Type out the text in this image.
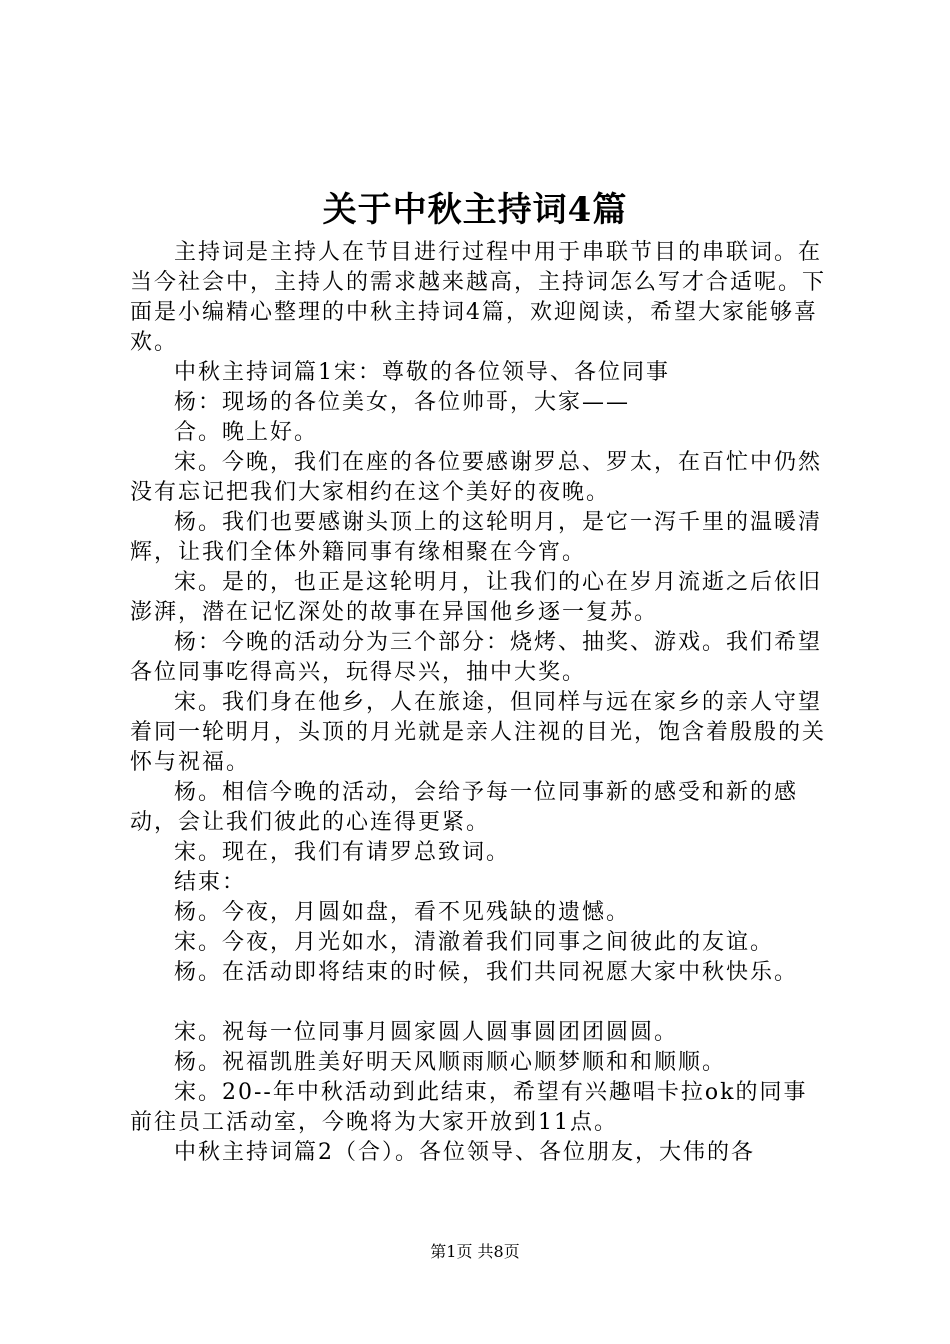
关于中秋主持词4篇

主持词是主持人在节目进行过程中用于串联节目的串联词。在当今社会中，主持人的需求越来越高，主持词怎么写才合适呢。下面是小编精心整理的中秋主持词4篇，欢迎阅读，希望大家能够喜欢。

中秋主持词篇1宋：尊敬的各位领导、各位同事

杨：现场的各位美女，各位帅哥，大家——

合。晚上好。

宋。今晚，我们在座的各位要感谢罗总、罗太，在百忙中仍然没有忘记把我们大家相约在这个美好的夜晚。

杨。我们也要感谢头顶上的这轮明月，是它一泻千里的温暖清辉，让我们全体外籍同事有缘相聚在今宵。

宋。是的，也正是这轮明月，让我们的心在岁月流逝之后依旧澎湃，潜在记忆深处的故事在异国他乡逐一复苏。

杨：今晚的活动分为三个部分：烧烤、抽奖、游戏。我们希望各位同事吃得高兴，玩得尽兴，抽中大奖。

宋。我们身在他乡，人在旅途，但同样与远在家乡的亲人守望着同一轮明月，头顶的月光就是亲人注视的目光，饱含着殷殷的关怀与祝福。

杨。相信今晚的活动，会给予每一位同事新的感受和新的感动，会让我们彼此的心连得更紧。

宋。现在，我们有请罗总致词。

结束：

杨。今夜，月圆如盘，看不见残缺的遗憾。

宋。今夜，月光如水，清澈着我们同事之间彼此的友谊。

杨。在活动即将结束的时候，我们共同祝愿大家中秋快乐。

宋。祝每一位同事月圆家圆人圆事圆团团圆圆。

杨。祝福凯胜美好明天风顺雨顺心顺梦顺和和顺顺。

宋。20--年中秋活动到此结束，希望有兴趣唱卡拉ok的同事前往员工活动室，今晚将为大家开放到11点。

中秋主持词篇2（合）。各位领导、各位朋友，大伟的各

第1页 共8页
